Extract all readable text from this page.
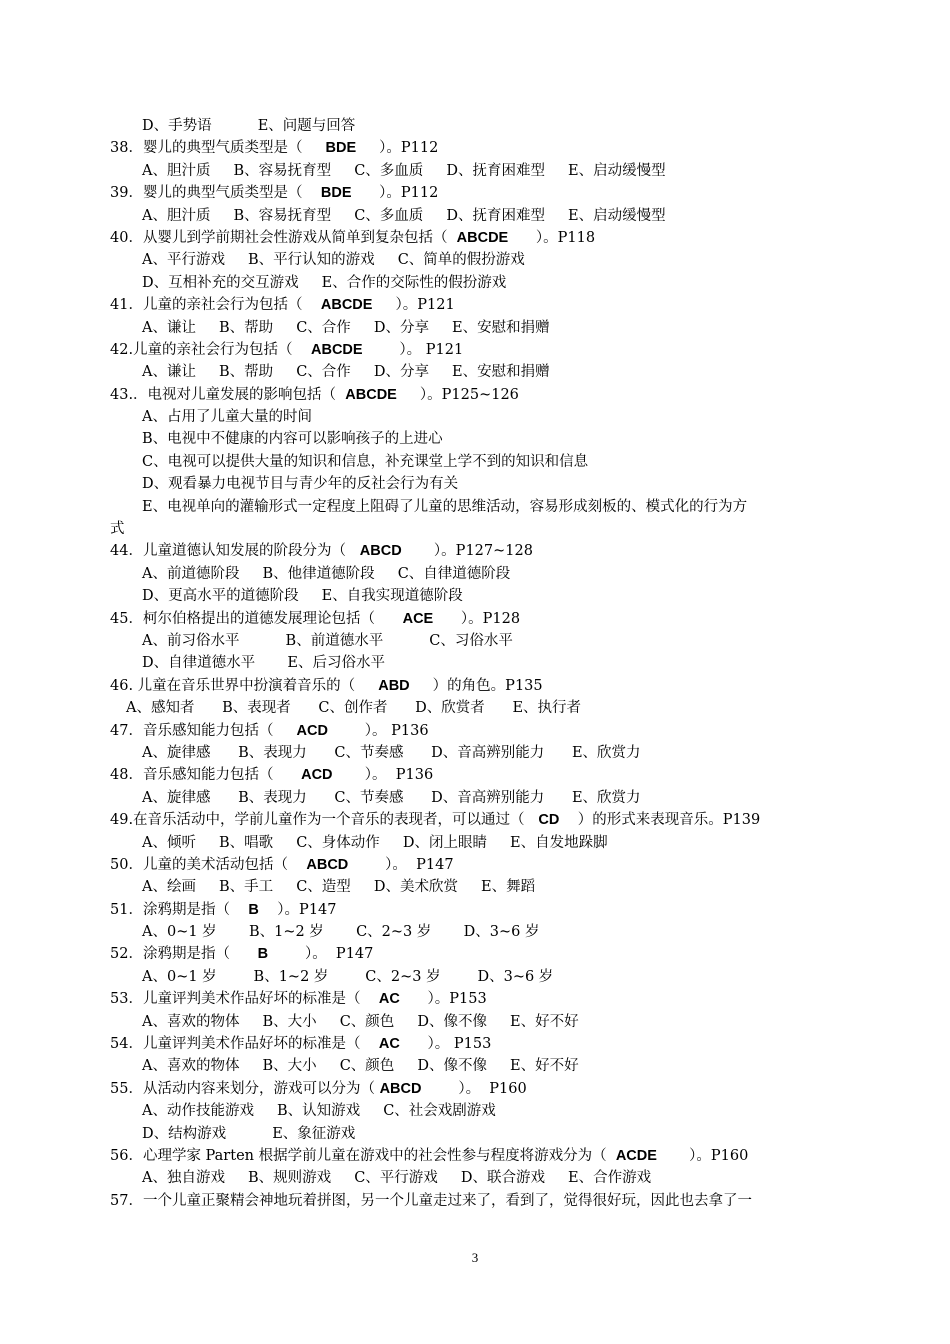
D、手势语          E、问题与回答
38．婴儿的典型气质类型是（     BDE     ）。P112
A、胆汁质     B、容易抚育型     C、多血质     D、抚育困难型     E、启动缓慢型
39．婴儿的典型气质类型是（    BDE      ）。P112
A、胆汁质     B、容易抚育型     C、多血质     D、抚育困难型     E、启动缓慢型
40．从婴儿到学前期社会性游戏从简单到复杂包括（  ABCDE      ）。P118
A、平行游戏     B、平行认知的游戏     C、简单的假扮游戏
D、互相补充的交互游戏     E、合作的交际性的假扮游戏
41．儿童的亲社会行为包括（    ABCDE     ）。P121
A、谦让     B、帮助     C、合作     D、分享     E、安慰和捐赠
42.儿童的亲社会行为包括（    ABCDE        ）。 P121
A、谦让     B、帮助     C、合作     D、分享     E、安慰和捐赠
43.．电视对儿童发展的影响包括（  ABCDE     ）。P125~126
A、占用了儿童大量的时间
B、电视中不健康的内容可以影响孩子的上进心
C、电视可以提供大量的知识和信息，补充课堂上学不到的知识和信息
D、观看暴力电视节目与青少年的反社会行为有关
E、电视单向的灌输形式一定程度上阻碍了儿童的思维活动，容易形成刻板的、模式化的行为方
式
44．儿童道德认知发展的阶段分为（   ABCD       ）。P127~128
A、前道德阶段     B、他律道德阶段     C、自律道德阶段
D、更高水平的道德阶段     E、自我实现道德阶段
45．柯尔伯格提出的道德发展理论包括（      ACE      ）。P128
A、前习俗水平          B、前道德水平          C、习俗水平
D、自律道德水平       E、后习俗水平
46. 儿童在音乐世界中扮演着音乐的（     ABD     ）的角色。P135
A、感知者      B、表现者      C、创作者      D、欣赏者      E、执行者
47．音乐感知能力包括（     ACD        ）。 P136
A、旋律感      B、表现力      C、节奏感      D、音高辨别能力      E、欣赏力
48．音乐感知能力包括（      ACD       ）。  P136
A、旋律感      B、表现力      C、节奏感      D、音高辨别能力      E、欣赏力
49.在音乐活动中，学前儿童作为一个音乐的表现者，可以通过（   CD    ）的形式来表现音乐。P139
A、倾听     B、唱歌     C、身体动作     D、闭上眼睛     E、自发地跺脚
50．儿童的美术活动包括（    ABCD        ）。  P147
A、绘画     B、手工     C、造型     D、美术欣赏     E、舞蹈
51．涂鸦期是指（    B    ）。P147
A、0~1 岁       B、1~2 岁       C、2~3 岁       D、3~6 岁
52．涂鸦期是指（      B        ）。  P147
A、0~1 岁        B、1~2 岁        C、2~3 岁        D、3~6 岁
53．儿童评判美术作品好坏的标准是（    AC      ）。P153
A、喜欢的物体     B、大小     C、颜色     D、像不像     E、好不好
54．儿童评判美术作品好坏的标准是（    AC      ）。 P153
A、喜欢的物体     B、大小     C、颜色     D、像不像     E、好不好
55．从活动内容来划分，游戏可以分为（ ABCD        ）。  P160
A、动作技能游戏     B、认知游戏     C、社会戏剧游戏
D、结构游戏          E、象征游戏
56．心理学家 Parten 根据学前儿童在游戏中的社会性参与程度将游戏分为（  ACDE       ）。P160
A、独自游戏     B、规则游戏     C、平行游戏     D、联合游戏     E、合作游戏
57．一个儿童正聚精会神地玩着拼图，另一个儿童走过来了，看到了，觉得很好玩，因此也去拿了一
3
